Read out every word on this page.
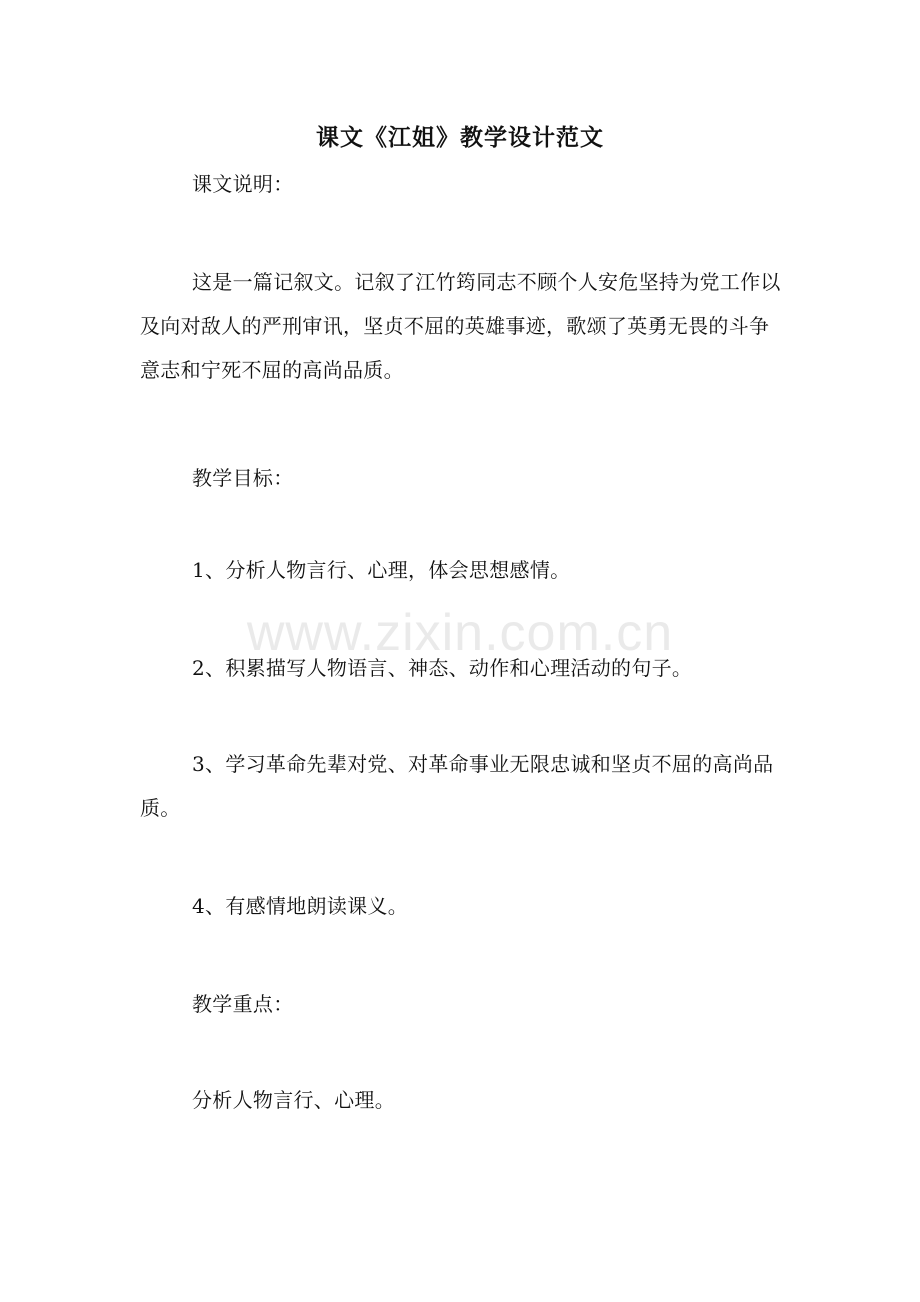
课文《江姐》教学设计范文

课文说明：

这是一篇记叙文。记叙了江竹筠同志不顾个人安危坚持为党工作以及向对敌人的严刑审讯，坚贞不屈的英雄事迹，歌颂了英勇无畏的斗争意志和宁死不屈的高尚品质。

教学目标：

1、分析人物言行、心理，体会思想感情。

2、积累描写人物语言、神态、动作和心理活动的句子。

3、学习革命先辈对党、对革命事业无限忠诚和坚贞不屈的高尚品质。

4、有感情地朗读课义。

教学重点：

分析人物言行、心理。

www.zixin.com.cn
